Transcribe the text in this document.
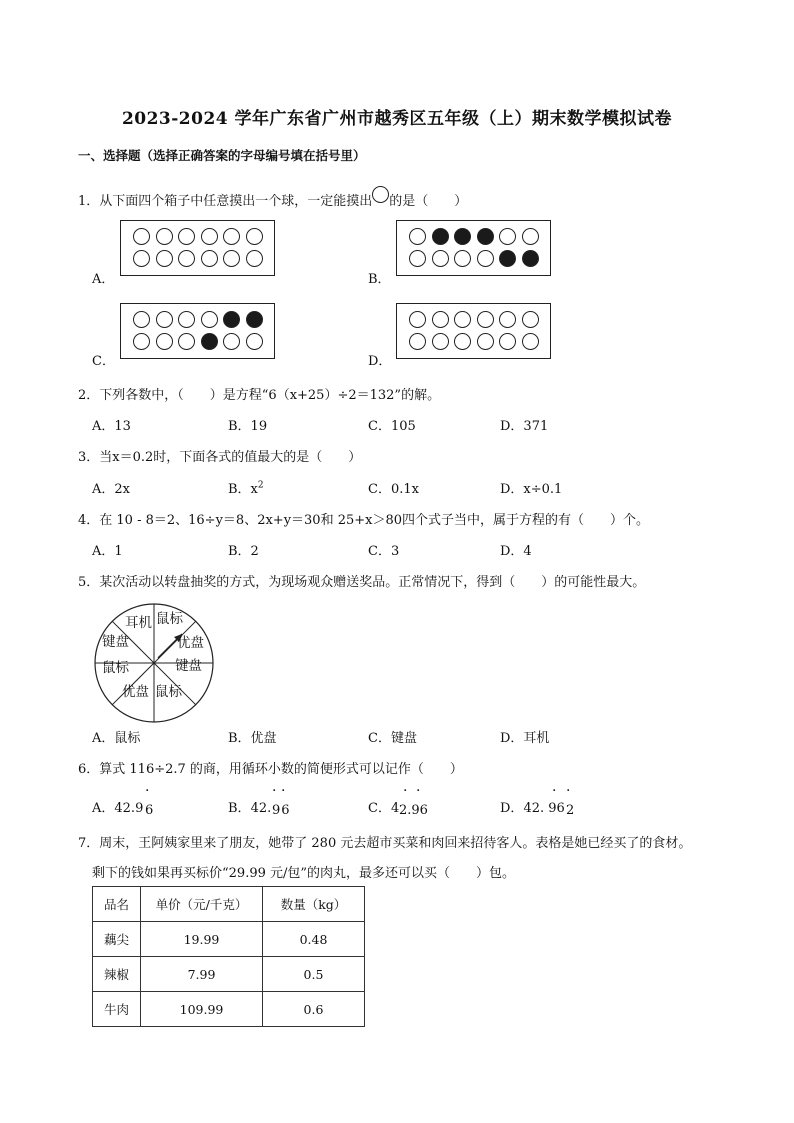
2023-2024 学年广东省广州市越秀区五年级（上）期末数学模拟试卷
一、选择题（选择正确答案的字母编号填在括号里）
1．从下面四个箱子中任意摸出一个球，一定能摸出 的是（　　）
A．	B．
C．	D．
2．下列各数中，（　　）是方程“6（x+25）÷2＝132”的解。
A．13	B．19	C．105	D．371
3．当x＝0.2时，下面各式的值最大的是（　　）
A．2x	B．$x^2$	C．0.1x	D．x÷0.1
4．在 10 - 8＝2、16÷y＝8、2x+y＝30和 25+x＞80四个式子当中，属于方程的有（　　）个。
A．1	B．2	C．3	D．4
5．某次活动以转盘抽奖的方式，为现场观众赠送奖品。正常情况下，得到（　　）的可能性最大。
鼠标
优盘
键盘
鼠标
优盘
鼠标
键盘
耳机
A．鼠标	B．优盘	C．键盘	D．耳机
6．算式 116÷2.7 的商，用循环小数的简便形式可以记作（　　）
A．42.9 6
·
B．42. 96
· ·
C．4 2.96
· ·
D．42. 96 2
· ·
7．周末，王阿姨家里来了朋友，她带了 280 元去超市买菜和肉回来招待客人。表格是她已经买了的食材。
剩下的钱如果再买标价“29.99 元/包”的肉丸，最多还可以买（　　）包。
品名	单价（元/千克）	数量（kg）
藕尖	19.99	0.48
辣椒	7.99	0.5
牛肉	109.99	0.6
